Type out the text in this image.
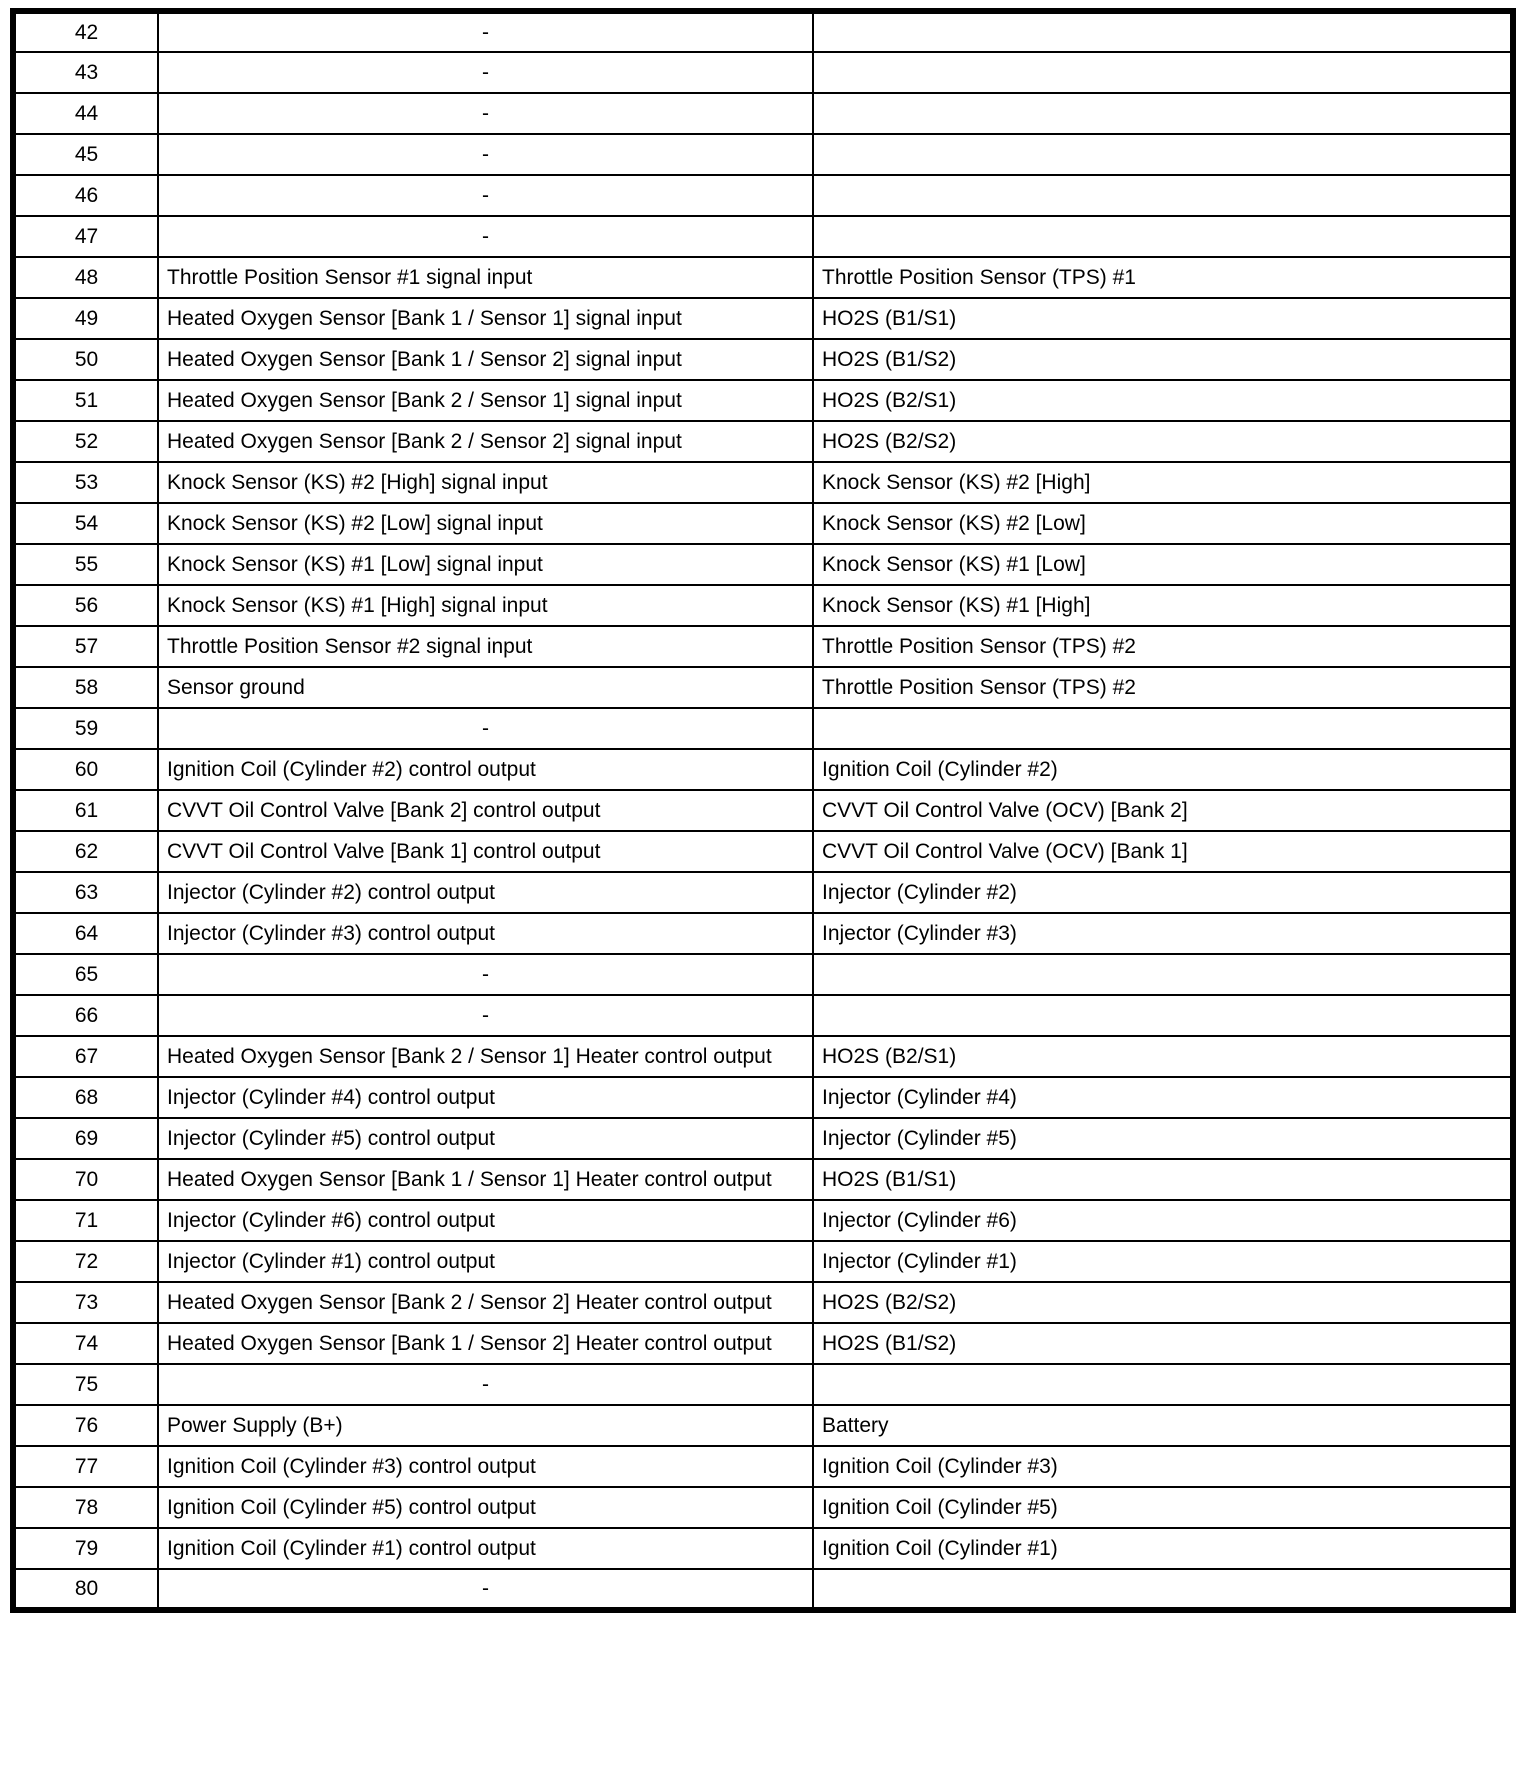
42	-	
43	-	
44	-	
45	-	
46	-	
47	-	
48	Throttle Position Sensor #1 signal input	Throttle Position Sensor (TPS) #1
49	Heated Oxygen Sensor [Bank 1 / Sensor 1] signal input	HO2S (B1/S1)
50	Heated Oxygen Sensor [Bank 1 / Sensor 2] signal input	HO2S (B1/S2)
51	Heated Oxygen Sensor [Bank 2 / Sensor 1] signal input	HO2S (B2/S1)
52	Heated Oxygen Sensor [Bank 2 / Sensor 2] signal input	HO2S (B2/S2)
53	Knock Sensor (KS) #2 [High] signal input	Knock Sensor (KS) #2 [High]
54	Knock Sensor (KS) #2 [Low] signal input	Knock Sensor (KS) #2 [Low]
55	Knock Sensor (KS) #1 [Low] signal input	Knock Sensor (KS) #1 [Low]
56	Knock Sensor (KS) #1 [High] signal input	Knock Sensor (KS) #1 [High]
57	Throttle Position Sensor #2 signal input	Throttle Position Sensor (TPS) #2
58	Sensor ground	Throttle Position Sensor (TPS) #2
59	-	
60	Ignition Coil (Cylinder #2) control output	Ignition Coil (Cylinder #2)
61	CVVT Oil Control Valve [Bank 2] control output	CVVT Oil Control Valve (OCV) [Bank 2]
62	CVVT Oil Control Valve [Bank 1] control output	CVVT Oil Control Valve (OCV) [Bank 1]
63	Injector (Cylinder #2) control output	Injector (Cylinder #2)
64	Injector (Cylinder #3) control output	Injector (Cylinder #3)
65	-	
66	-	
67	Heated Oxygen Sensor [Bank 2 / Sensor 1] Heater control output	HO2S (B2/S1)
68	Injector (Cylinder #4) control output	Injector (Cylinder #4)
69	Injector (Cylinder #5) control output	Injector (Cylinder #5)
70	Heated Oxygen Sensor [Bank 1 / Sensor 1] Heater control output	HO2S (B1/S1)
71	Injector (Cylinder #6) control output	Injector (Cylinder #6)
72	Injector (Cylinder #1) control output	Injector (Cylinder #1)
73	Heated Oxygen Sensor [Bank 2 / Sensor 2] Heater control output	HO2S (B2/S2)
74	Heated Oxygen Sensor [Bank 1 / Sensor 2] Heater control output	HO2S (B1/S2)
75	-	
76	Power Supply (B+)	Battery
77	Ignition Coil (Cylinder #3) control output	Ignition Coil (Cylinder #3)
78	Ignition Coil (Cylinder #5) control output	Ignition Coil (Cylinder #5)
79	Ignition Coil (Cylinder #1) control output	Ignition Coil (Cylinder #1)
80	-	
